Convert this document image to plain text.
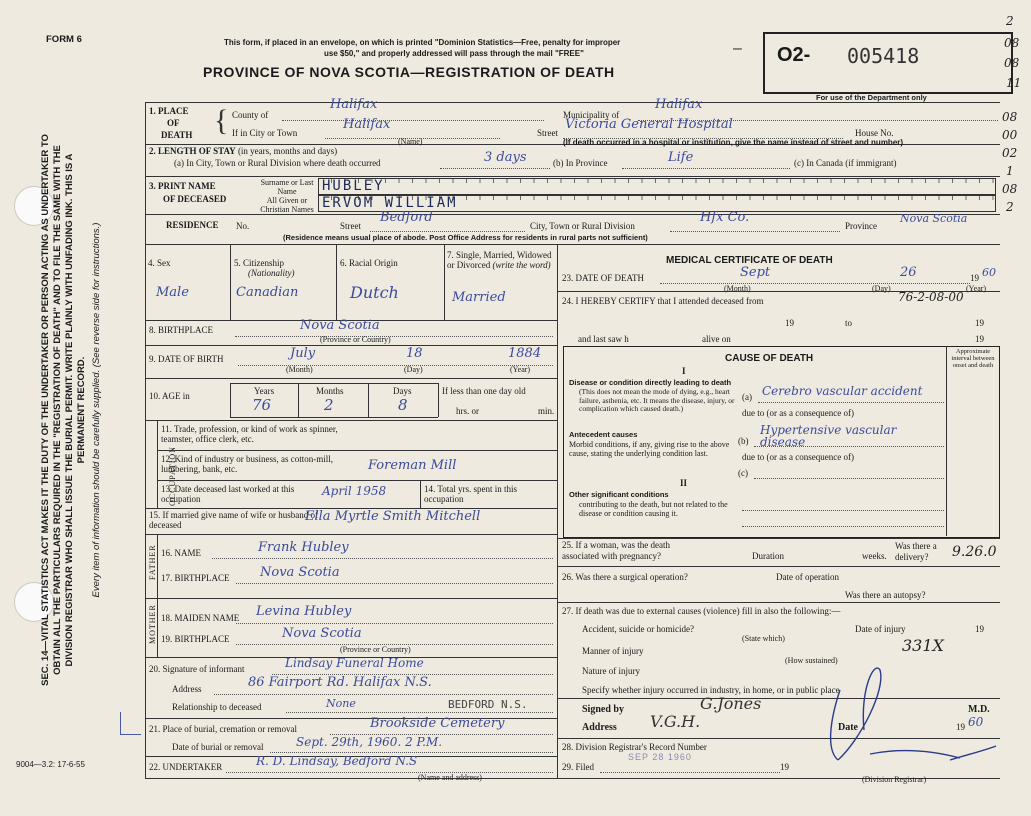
FORM 6
9004—3.2: 17-6-55
SEC. 14—VITAL STATISTICS ACT MAKES IT THE DUTY OF THE UNDERTAKER OR PERSON ACTING AS UNDERTAKER TO OBTAIN ALL THE PARTICULARS REQUIRED IN THE "REGISTRATION OF DEATH" AND TO FILE THE SAME WITH THE DIVISION REGISTRAR WHO SHALL ISSUE THE BURIAL PERMIT. WRITE PLAINLY WITH UNFADING INK. THIS IS A PERMANENT RECORD. Every item of information should be carefully supplied. (See reverse side for instructions.)
This form, if placed in an envelope, on which is printed "Dominion Statistics—Free, penalty for improper
use $50," and properly addressed will pass through the mail "FREE"
PROVINCE OF NOVA SCOTIA—REGISTRATION OF DEATH
– O2- 005418
For use of the Department only
2
08
08
11
08
00
02
1
08
2
1. PLACE
OF
DEATH { County of
Halifax
Municipality of
Halifax
If in City or Town
Halifax
(Name)
Street
Victoria General Hospital
House No.
(If death occurred in a hospital or institution, give the name instead of street and number)
2. LENGTH OF STAY (in years, months and days)
(a) In City, Town or Rural Division where death occurred	3 days	(b) In Province	Life	(c) In Canada (if immigrant)
3. PRINT NAME
OF DECEASED
Surname or Last Name
All Given or Christian Names
HUBLEY
ERVOM WILLIAM
RESIDENCE No.	Street
Bedford
City, Town or Rural Division
Hfx Co.
Province
Nova Scotia
(Residence means usual place of abode. Post Office Address for residents in rural parts not sufficient)
4. Sex
Male
5. Citizenship
(Nationality)
Canadian
6. Racial Origin
Dutch
7. Single, Married, Widowed or Divorced (write the word)
Married
8. BIRTHPLACE	Nova Scotia
(Province or Country)
9. DATE OF BIRTH	July	18	1884
(Month)	(Day)	(Year)
10. AGE in	Years	Months	Days
76	2	8
If less than one day old
hrs. or	min.
OCCUPATION
11. Trade, profession, or kind of work as spinner, teamster, office clerk, etc.
12. Kind of industry or business, as cotton-mill, lumbering, bank, etc.	Foreman Mill
13. Date deceased last worked at this occupation
April 1958	14. Total yrs. spent in this occupation
15. If married give name of wife or husband of deceased
Ella Myrtle Smith Mitchell
FATHER 16. NAME	Frank Hubley
17. BIRTHPLACE Nova Scotia
MOTHER 18. MAIDEN NAME Levina Hubley
19. BIRTHPLACE	Nova Scotia
(Province or Country)
20. Signature of informant	Lindsay Funeral Home
Address	86 Fairport Rd. Halifax N.S.
Relationship to deceased	None	BEDFORD N.S.
21. Place of burial, cremation or removal	Brookside Cemetery
Date of burial or removal	Sept. 29th, 1960. 2 P.M.
22. UNDERTAKER	R. D. Lindsay, Bedford N.S
(Name and address)
MEDICAL CERTIFICATE OF DEATH
23. DATE OF DEATH	Sept	26	19 60
(Month)	(Day)	(Year)
24. I HEREBY CERTIFY that I attended deceased from	76-2-08-00
19	to	19
and last saw h	alive on	19
CAUSE OF DEATH
Approximate interval between onset and death
I
Disease or condition directly leading to death
(This does not mean the mode of dying, e.g., heart failure, asthenia, etc. It means the disease, injury, or complication which caused death.)
(a) Cerebro vascular accident
due to (or as a consequence of)
Antecedent causes
Morbid conditions, if any, giving rise to the above cause, stating the underlying condition last.
(b)
Hypertensive vascular disease
due to (or as a consequence of)
(c)
II
Other significant conditions
contributing to the death, but not related to the disease or condition causing it.
25. If a woman, was the death associated with pregnancy?	Duration	weeks.
Was there a delivery?	9.26.0
26. Was there a surgical operation?	Date of operation
Was there an autopsy?
27. If death was due to external causes (violence) fill in also the following:—
Accident, suicide or homicide?
(State which)
Date of injury	19
Manner of injury	331X
(How sustained)
Nature of injury
Specify whether injury occurred in industry, in home, or in public place
Signed by	G.Jones	M.D.
Address V.G.H.	Date	19 60
28. Division Registrar's Record Number
29. Filed	19
SEP 28 1960
(Division Registrar)
